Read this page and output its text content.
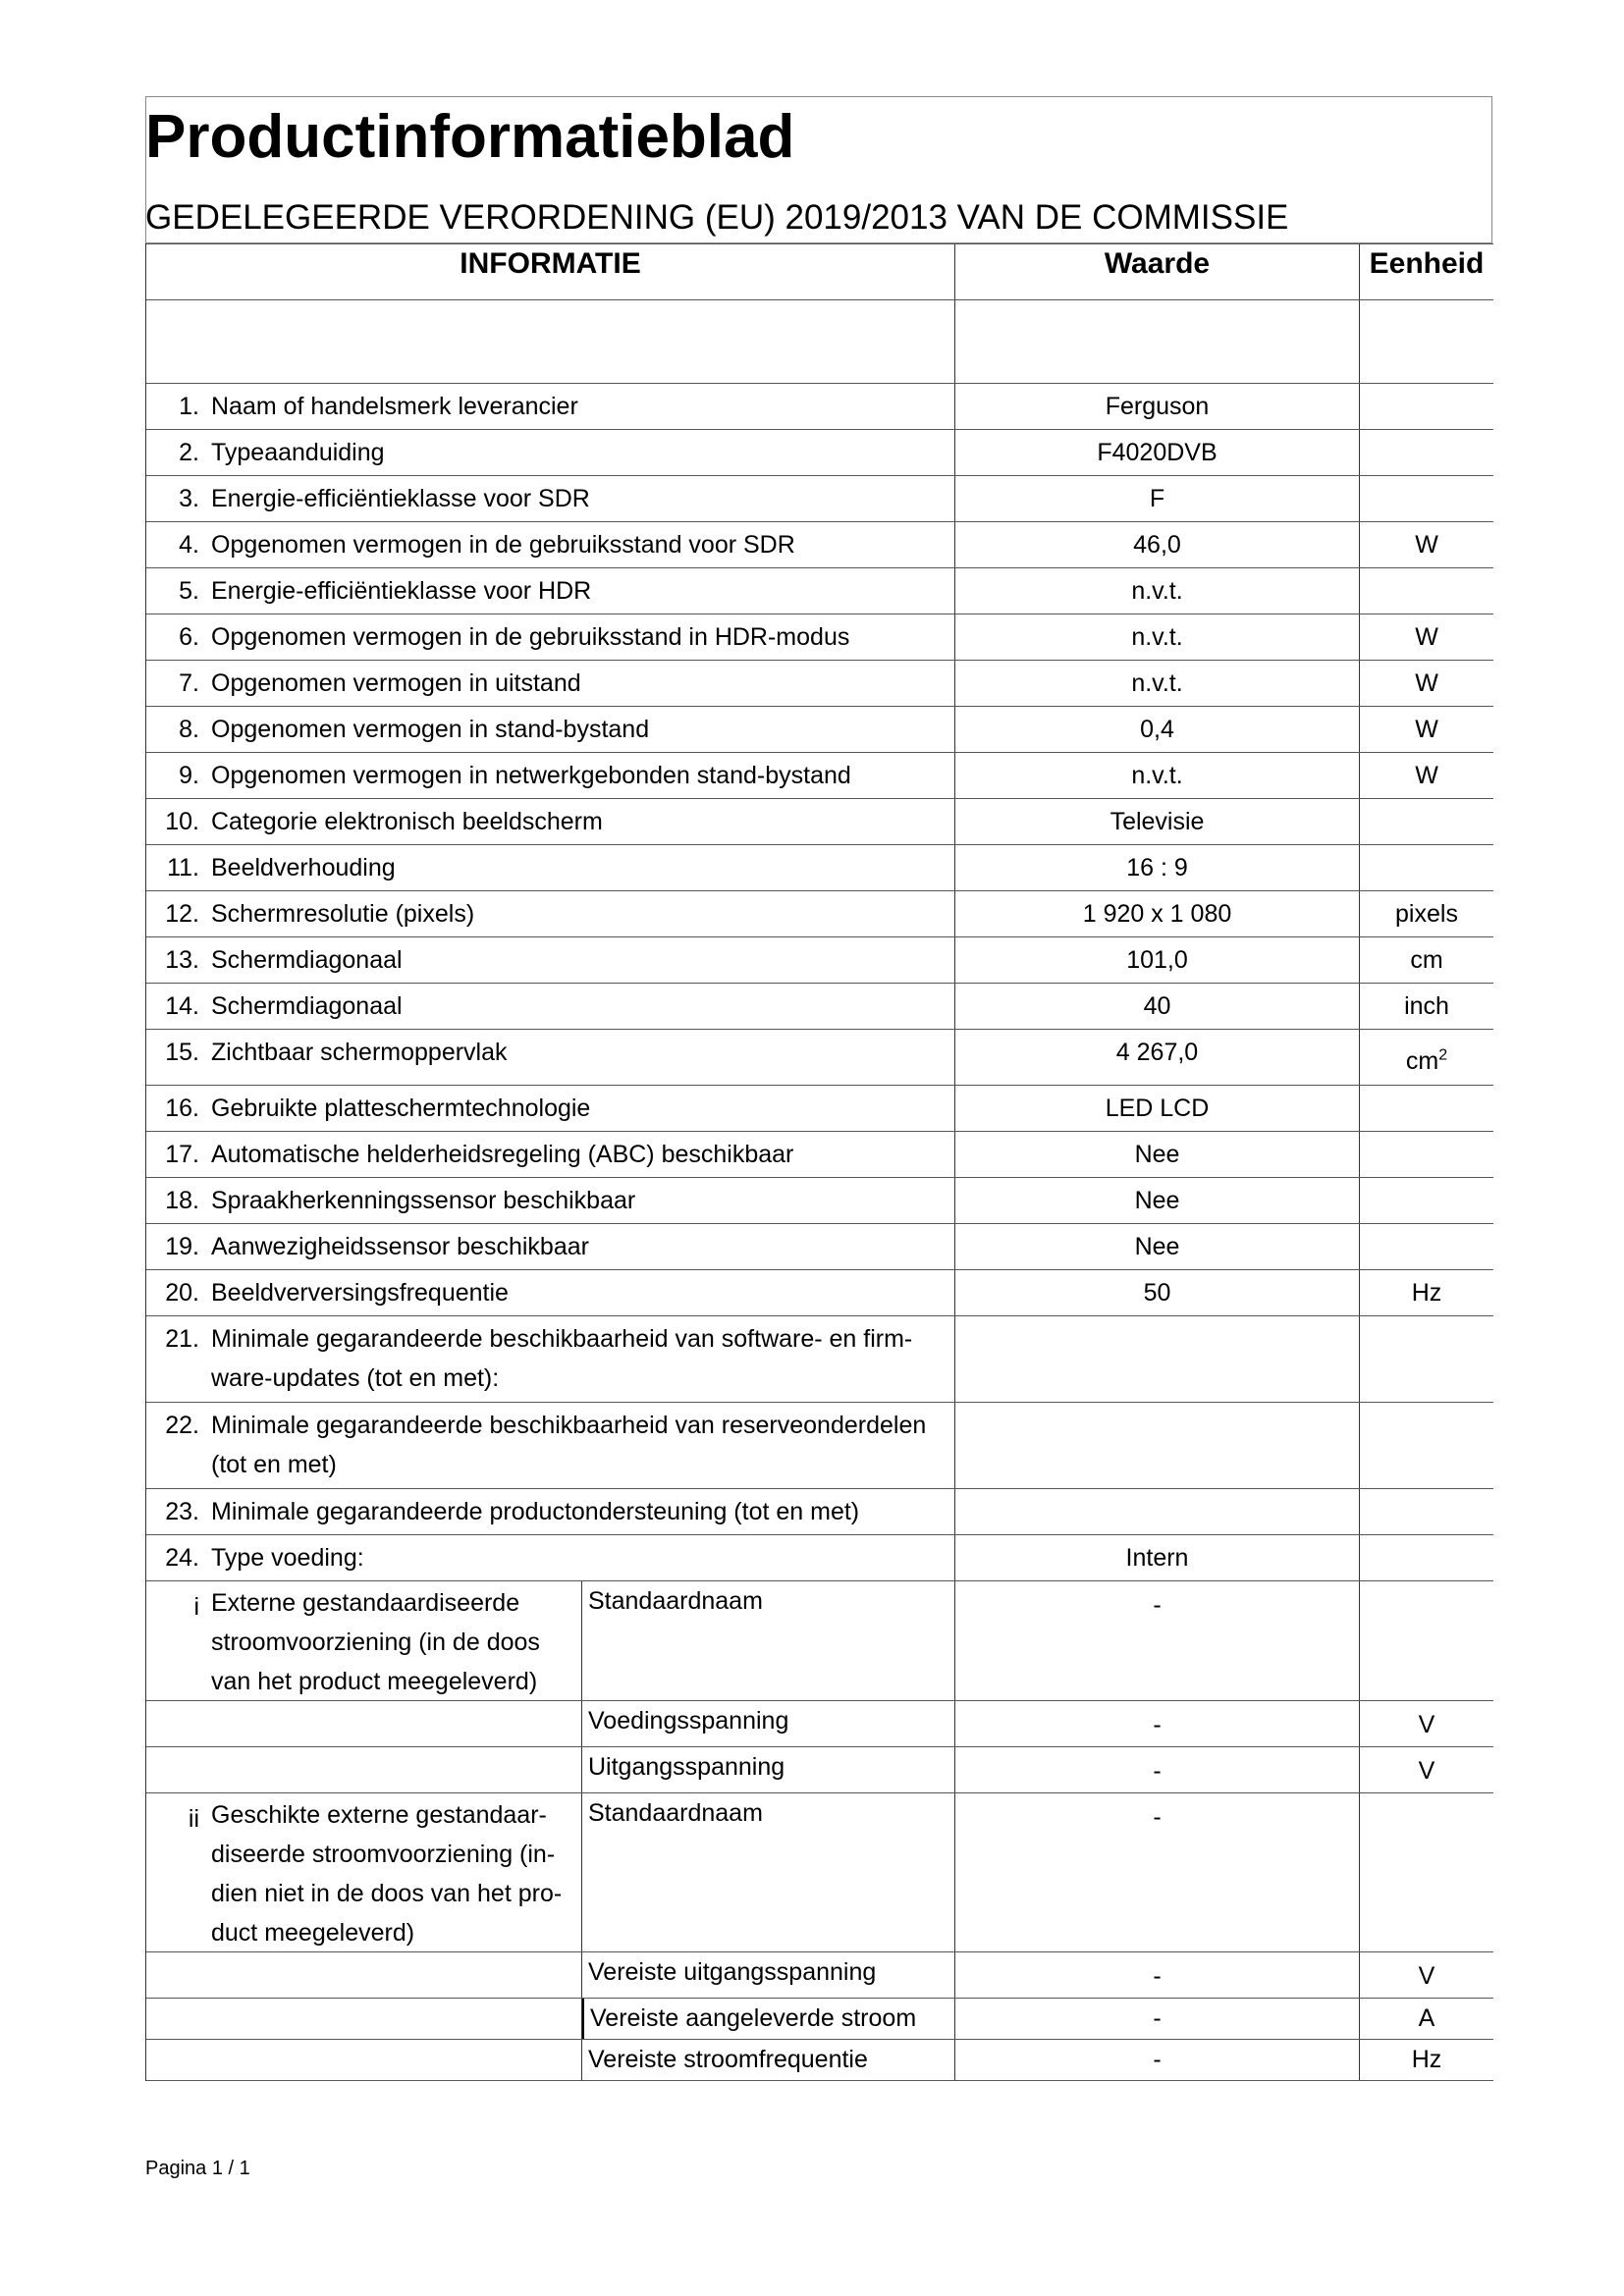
Productinformatieblad
GEDELEGEERDE VERORDENING (EU) 2019/2013 VAN DE COMMISSIE
INFORMATIE	Waarde	Eenheid
1. Naam of handelsmerk leverancier	Ferguson
2. Typeaanduiding	F4020DVB
3. Energie-efficiëntieklasse voor SDR	F
4. Opgenomen vermogen in de gebruiksstand voor SDR	46,0	W
5. Energie-efficiëntieklasse voor HDR	n.v.t.
6. Opgenomen vermogen in de gebruiksstand in HDR-modus	n.v.t.	W
7. Opgenomen vermogen in uitstand	n.v.t.	W
8. Opgenomen vermogen in stand-bystand	0,4	W
9. Opgenomen vermogen in netwerkgebonden stand-bystand	n.v.t.	W
10. Categorie elektronisch beeldscherm	Televisie
11. Beeldverhouding	16 : 9
12. Schermresolutie (pixels)	1 920 x 1 080	pixels
13. Schermdiagonaal	101,0	cm
14. Schermdiagonaal	40	inch
15. Zichtbaar schermoppervlak	4 267,0	$cm^2$
16. Gebruikte platteschermtechnologie	LED LCD
17. Automatische helderheidsregeling (ABC) beschikbaar	Nee
18. Spraakherkenningssensor beschikbaar	Nee
19. Aanwezigheidssensor beschikbaar	Nee
20. Beeldverversingsfrequentie	50	Hz
21. Minimale gegarandeerde beschikbaarheid van software- en firm-
ware-updates (tot en met):
22. Minimale gegarandeerde beschikbaarheid van reserveonderdelen
(tot en met)
23. Minimale gegarandeerde productondersteuning (tot en met)
24. Type voeding:	Intern
i Externe gestandaardiseerde
stroomvoorziening (in de doos
van het product meegeleverd)
Standaardnaam	-
Voedingsspanning	-	V
Uitgangsspanning	-	V
ii Geschikte externe gestandaar-
diseerde stroomvoorziening (in-
dien niet in de doos van het pro-
duct meegeleverd)
Standaardnaam	-
Vereiste uitgangsspanning	-	V
Vereiste aangeleverde stroom	-	A
Vereiste stroomfrequentie	-	Hz
Pagina 1 / 1
